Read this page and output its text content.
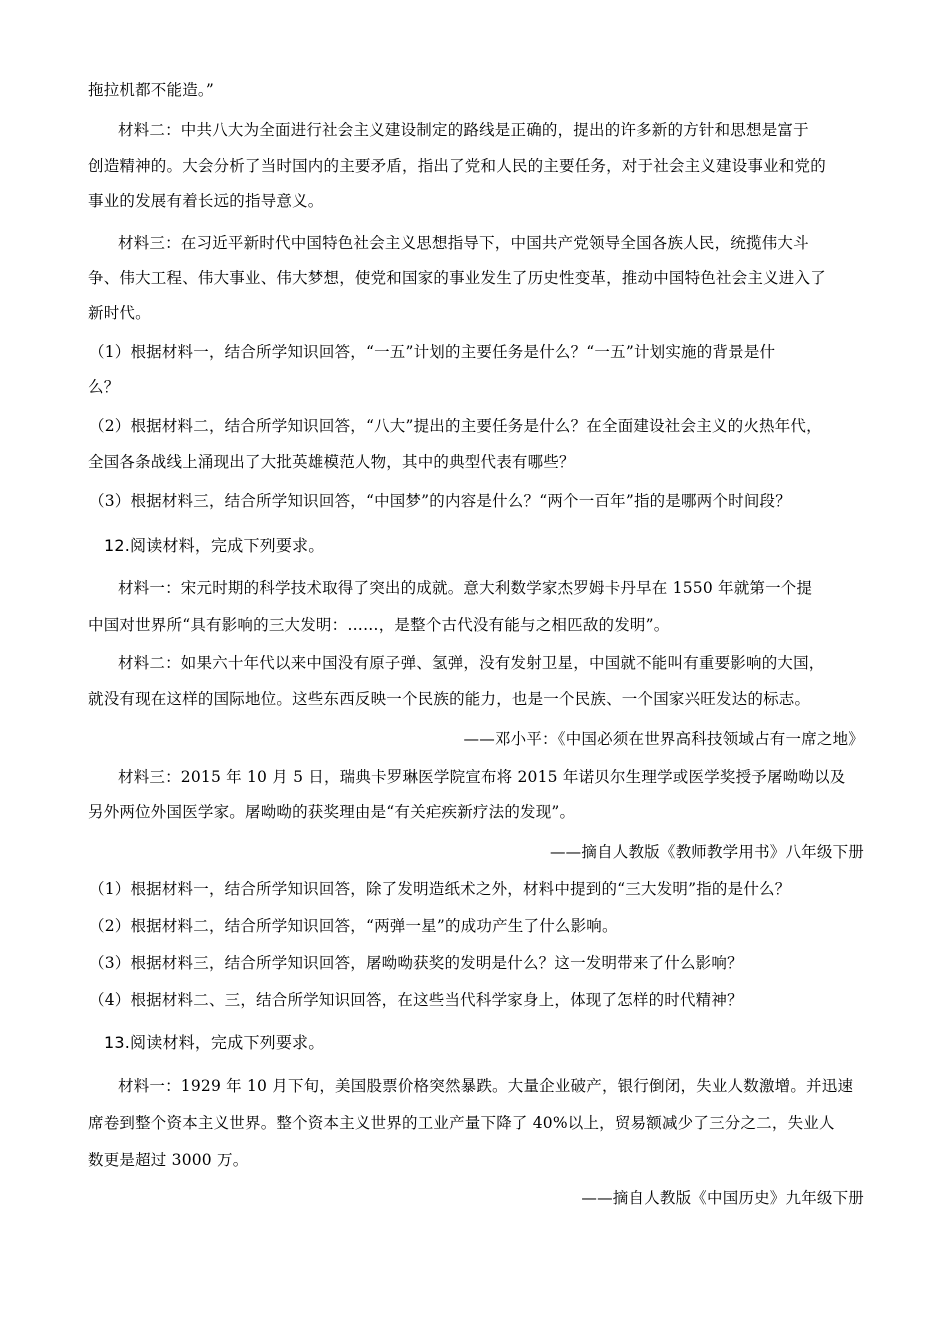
拖拉机都不能造。”
材料二：中共八大为全面进行社会主义建设制定的路线是正确的，提出的许多新的方针和思想是富于
创造精神的。大会分析了当时国内的主要矛盾，指出了党和人民的主要任务，对于社会主义建设事业和党的
事业的发展有着长远的指导意义。
材料三：在习近平新时代中国特色社会主义思想指导下，中国共产党领导全国各族人民，统揽伟大斗
争、伟大工程、伟大事业、伟大梦想，使党和国家的事业发生了历史性变革，推动中国特色社会主义进入了
新时代。
（1）根据材料一，结合所学知识回答，“一五”计划的主要任务是什么？“一五”计划实施的背景是什
么？
（2）根据材料二，结合所学知识回答，“八大”提出的主要任务是什么？在全面建设社会主义的火热年代，
全国各条战线上涌现出了大批英雄模范人物，其中的典型代表有哪些？
（3）根据材料三，结合所学知识回答，“中国梦”的内容是什么？“两个一百年”指的是哪两个时间段？
12.阅读材料，完成下列要求。
材料一：宋元时期的科学技术取得了突出的成就。意大利数学家杰罗姆卡丹早在 1550 年就第一个提
中国对世界所“具有影响的三大发明：……，是整个古代没有能与之相匹敌的发明”。
材料二：如果六十年代以来中国没有原子弹、氢弹，没有发射卫星，中国就不能叫有重要影响的大国，
就没有现在这样的国际地位。这些东西反映一个民族的能力，也是一个民族、一个国家兴旺发达的标志。
——邓小平：《中国必须在世界高科技领域占有一席之地》
材料三：2015 年 10 月 5 日，瑞典卡罗琳医学院宣布将 2015 年诺贝尔生理学或医学奖授予屠呦呦以及
另外两位外国医学家。屠呦呦的获奖理由是“有关疟疾新疗法的发现”。
——摘自人教版《教师教学用书》八年级下册
（1）根据材料一，结合所学知识回答，除了发明造纸术之外，材料中提到的“三大发明”指的是什么？
（2）根据材料二，结合所学知识回答，“两弹一星”的成功产生了什么影响。
（3）根据材料三，结合所学知识回答，屠呦呦获奖的发明是什么？这一发明带来了什么影响？
（4）根据材料二、三，结合所学知识回答，在这些当代科学家身上，体现了怎样的时代精神？
13.阅读材料，完成下列要求。
材料一：1929 年 10 月下旬，美国股票价格突然暴跌。大量企业破产，银行倒闭，失业人数激增。并迅速
席卷到整个资本主义世界。整个资本主义世界的工业产量下降了 40%以上，贸易额减少了三分之二，失业人
数更是超过 3000 万。
——摘自人教版《中国历史》九年级下册
